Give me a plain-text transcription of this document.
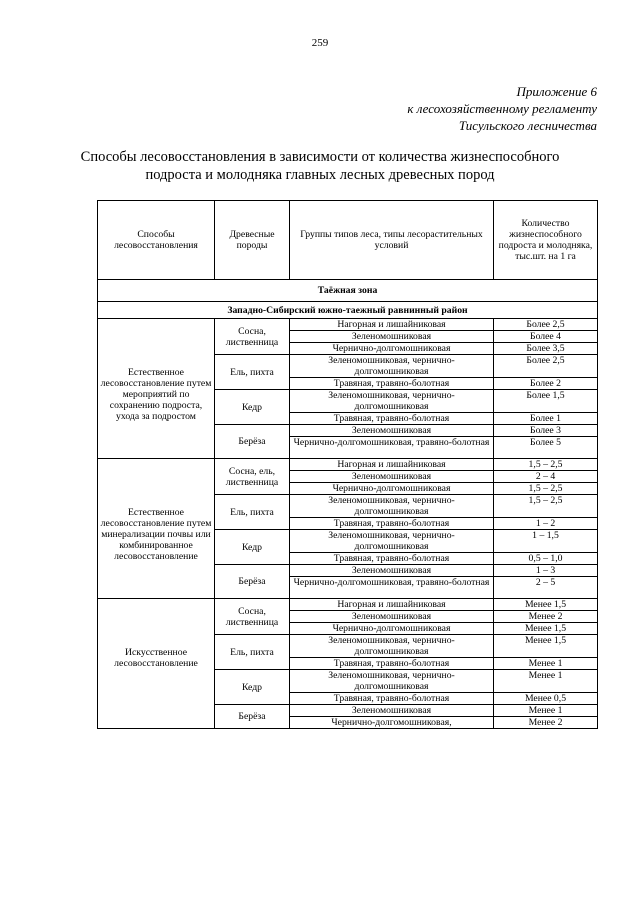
259
Приложение 6
к лесохозяйственному регламенту
Тисульского лесничества
Способы лесовосстановления в зависимости от количества жизнеспособного
подроста и молодняка главных лесных древесных пород
Способы лесовосстановления	Древесные породы	Группы типов леса, типы лесорастительных условий	Количество жизнеспособного подроста и молодняка, тыс.шт. на 1 га
Таёжная зона			
Западно-Сибирский южно-таежный равнинный район			
Естественное лесовосстановление путем мероприятий по сохранению подроста, ухода за подростом	Сосна, лиственница	Нагорная и лишайниковая	Более 2,5
		Зеленомошниковая	Более 4
		Чернично-долгомошниковая	Более 3,5
	Ель, пихта	Зеленомошниковая, чернично-долгомошниковая	Более 2,5
		Травяная, травяно-болотная	Более 2
	Кедр	Зеленомошниковая, чернично-долгомошниковая	Более 1,5
		Травяная, травяно-болотная	Более 1
	Берёза	Зеленомошниковая	Более 3
		Чернично-долгомошниковая, травяно-болотная	Более 5
Естественное лесовосстановление путем минерализации почвы или комбинированное лесовосстановление	Сосна, ель, лиственница	Нагорная и лишайниковая	1,5 – 2,5
		Зеленомошниковая	2 – 4
		Чернично-долгомошниковая	1,5 – 2,5
	Ель, пихта	Зеленомошниковая, чернично-долгомошниковая	1,5 – 2,5
		Травяная, травяно-болотная	1 – 2
	Кедр	Зеленомошниковая, чернично-долгомошниковая	1 – 1,5
		Травяная, травяно-болотная	0,5 – 1,0
	Берёза	Зеленомошниковая	1 – 3
		Чернично-долгомошниковая, травяно-болотная	2 – 5
Искусственное лесовосстановление	Сосна, лиственница	Нагорная и лишайниковая	Менее 1,5
		Зеленомошниковая	Менее 2
		Чернично-долгомошниковая	Менее 1,5
	Ель, пихта	Зеленомошниковая, чернично-долгомошниковая	Менее 1,5
		Травяная, травяно-болотная	Менее 1
	Кедр	Зеленомошниковая, чернично-долгомошниковая	Менее 1
		Травяная, травяно-болотная	Менее 0,5
	Берёза	Зеленомошниковая	Менее 1
		Чернично-долгомошниковая,	Менее 2
